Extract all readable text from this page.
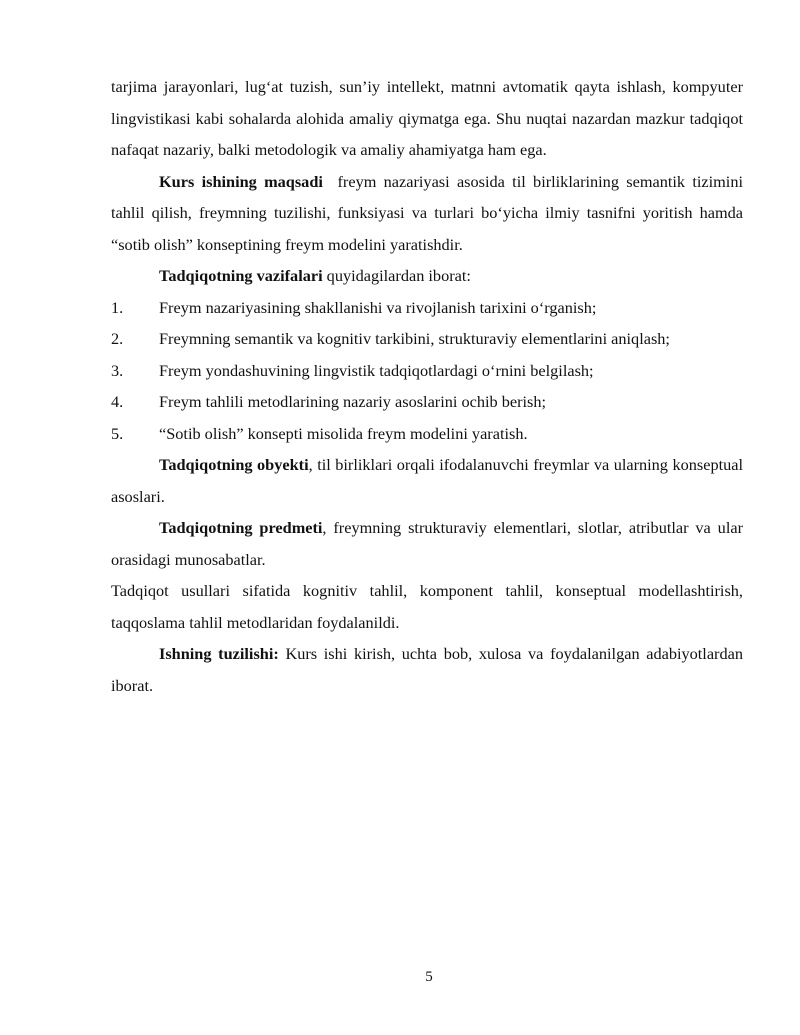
tarjima jarayonlari, lug‘at tuzish, sun’iy intellekt, matnni avtomatik qayta ishlash, kompyuter lingvistikasi kabi sohalarda alohida amaliy qiymatga ega. Shu nuqtai nazardan mazkur tadqiqot nafaqat nazariy, balki metodologik va amaliy ahamiyatga ham ega.

Kurs ishining maqsadi  freym nazariyasi asosida til birliklarining semantik tizimini tahlil qilish, freymning tuzilishi, funksiyasi va turlari bo‘yicha ilmiy tasnifni yoritish hamda “sotib olish” konseptining freym modelini yaratishdir.

Tadqiqotning vazifalari quyidagilardan iborat:

1.	Freym nazariyasining shakllanishi va rivojlanish tarixini o‘rganish;
2.	Freymning semantik va kognitiv tarkibini, strukturaviy elementlarini aniqlash;
3.	Freym yondashuvining lingvistik tadqiqotlardagi o‘rnini belgilash;
4.	Freym tahlili metodlarining nazariy asoslarini ochib berish;
5.	“Sotib olish” konsepti misolida freym modelini yaratish.

Tadqiqotning obyekti, til birliklari orqali ifodalanuvchi freymlar va ularning konseptual asoslari.

Tadqiqotning predmeti, freymning strukturaviy elementlari, slotlar, atributlar va ular orasidagi munosabatlar.

Tadqiqot usullari sifatida kognitiv tahlil, komponent tahlil, konseptual modellashtirish, taqqoslama tahlil metodlaridan foydalanildi.

Ishning tuzilishi: Kurs ishi kirish, uchta bob, xulosa va foydalanilgan adabiyotlardan iborat.

5
